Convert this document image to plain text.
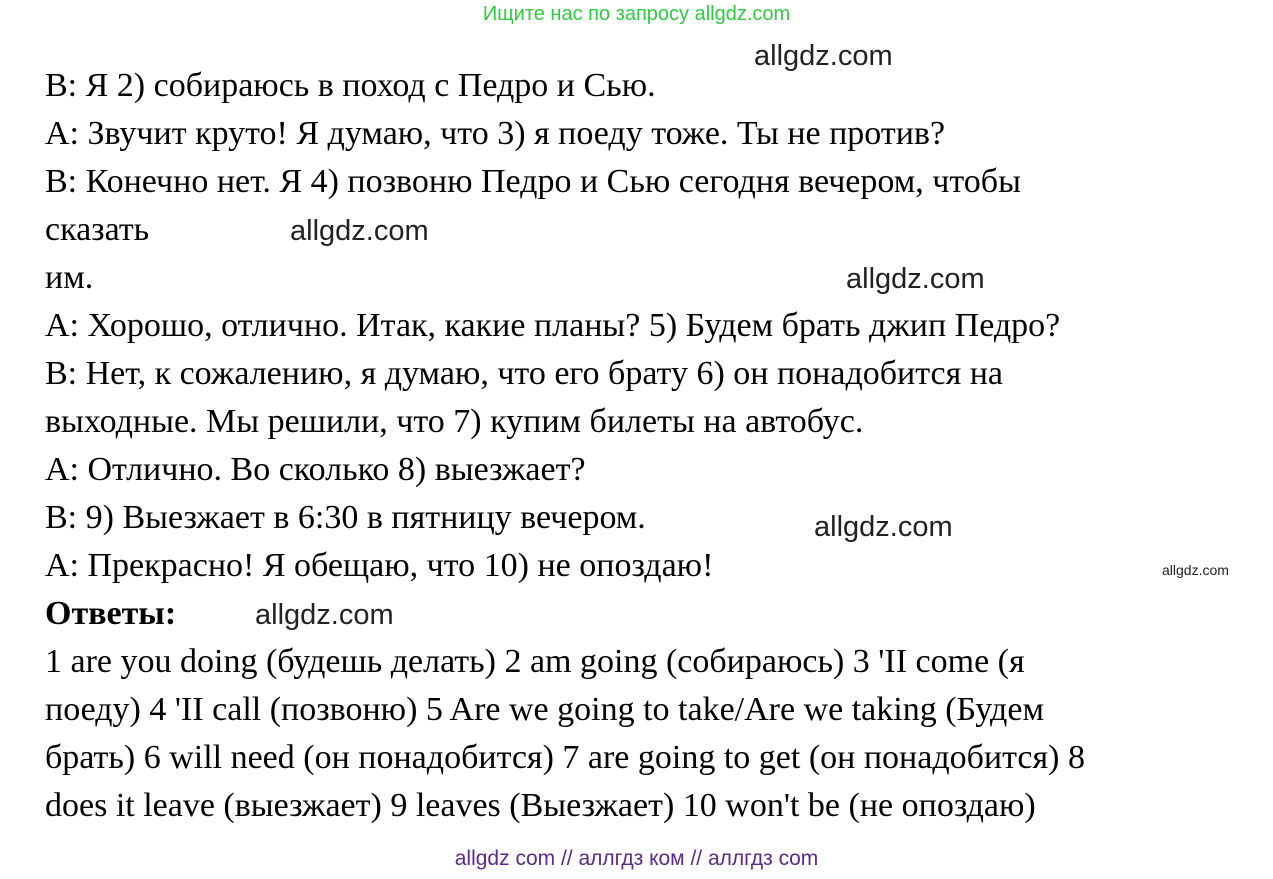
Ищите нас по запросу allgdz.com
B: Я 2) собираюсь в поход с Педро и Сью.
A: Звучит круто! Я думаю, что 3) я поеду тоже. Ты не против?
B: Конечно нет. Я 4) позвоню Педро и Сью сегодня вечером, чтобы
сказать
им.
A: Хорошо, отлично. Итак, какие планы? 5) Будем брать джип Педро?
B: Нет, к сожалению, я думаю, что его брату 6) он понадобится на
выходные. Мы решили, что 7) купим билеты на автобус.
A: Отлично. Во сколько 8) выезжает?
B: 9) Выезжает в 6:30 в пятницу вечером.
A: Прекрасно! Я обещаю, что 10) не опоздаю!
Ответы:
1 are you doing (будешь делать) 2 am going (собираюсь) 3 'II come (я
поеду) 4 'II call (позвоню) 5 Are we going to take/Are we taking (Будем
брать) 6 will need (он понадобится) 7 are going to get (он понадобится) 8
does it leave (выезжает) 9 leaves (Выезжает) 10 won't be (не опоздаю)
allgdz.com
allgdz.com
allgdz.com
allgdz.com
allgdz.com
allgdz.com
allgdz com // аллгдз ком // аллгдз com
